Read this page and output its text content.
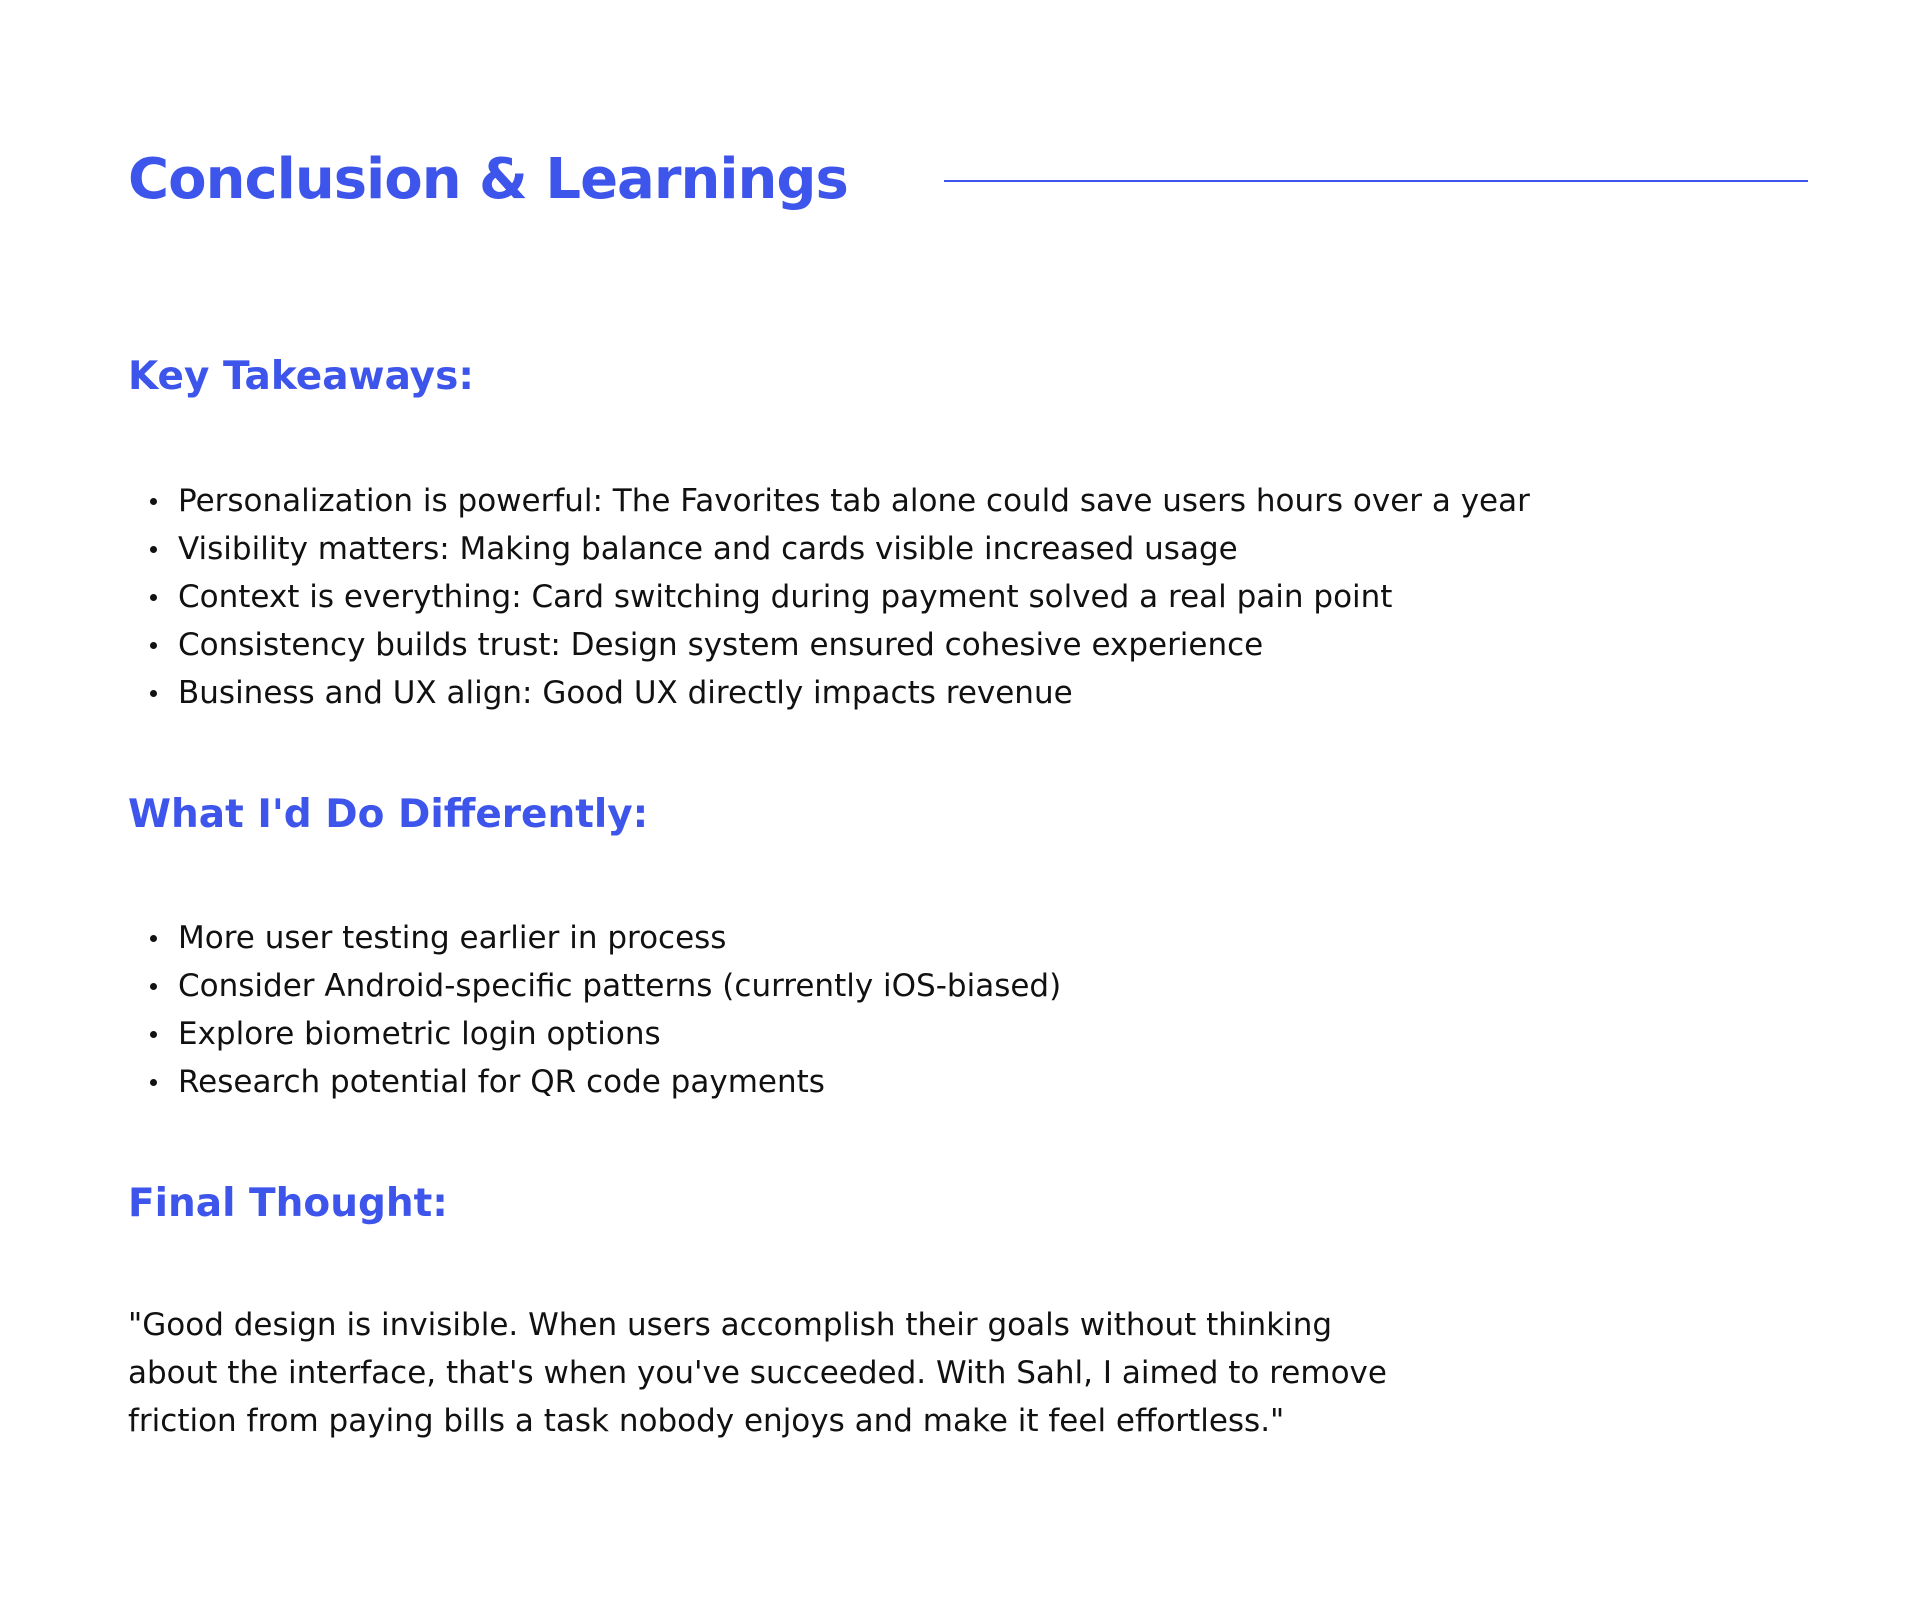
Conclusion & Learnings
Key Takeaways:
Personalization is powerful: The Favorites tab alone could save users hours over a year
Visibility matters: Making balance and cards visible increased usage
Context is everything: Card switching during payment solved a real pain point
Consistency builds trust: Design system ensured cohesive experience
Business and UX align: Good UX directly impacts revenue
What I'd Do Differently:
More user testing earlier in process
Consider Android-specific patterns (currently iOS-biased)
Explore biometric login options
Research potential for QR code payments
Final Thought:

"Good design is invisible. When users accomplish their goals without thinking
about the interface, that's when you've succeeded. With Sahl, I aimed to remove
friction from paying bills a task nobody enjoys and make it feel effortless."
